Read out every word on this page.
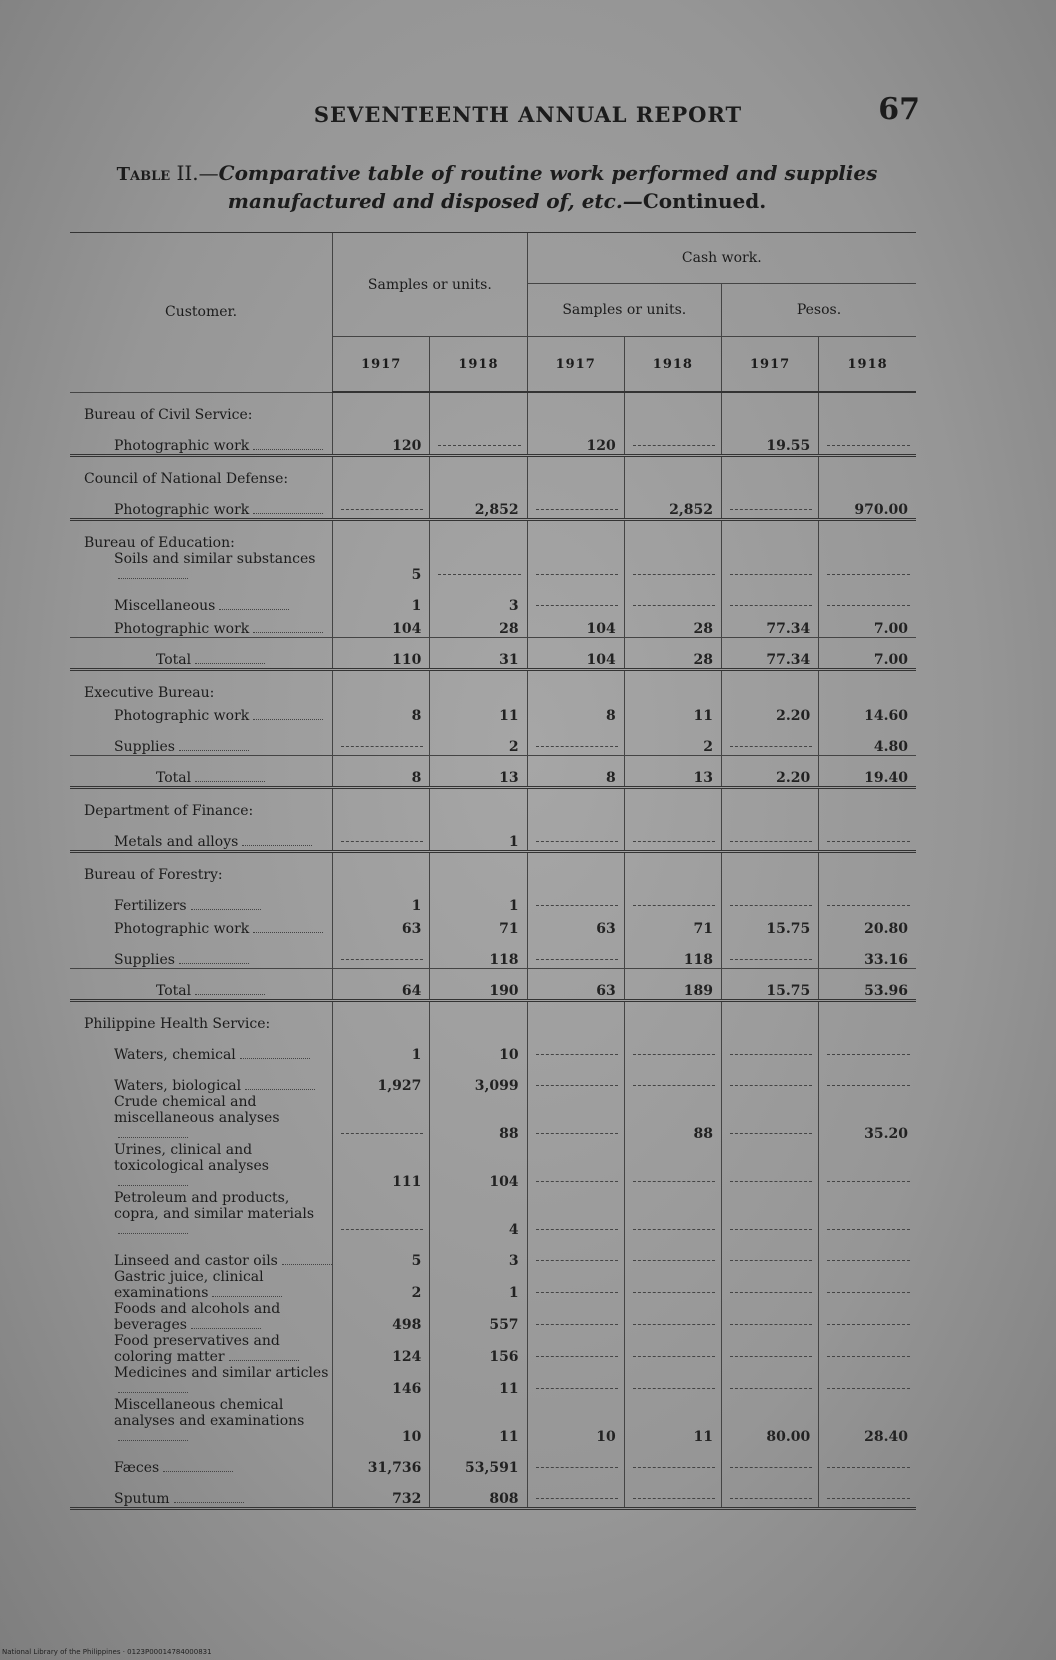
SEVENTEENTH ANNUAL REPORT	67
Table II.—Comparative table of routine work performed and supplies manufactured and disposed of, etc.—Continued.
Customer.	Samples or units.		Cash work.			
			Samples or units.		Pesos.	
	1917	1918	1917	1918	1917	1918
Bureau of Civil Service:						
Photographic work	120		120		19.55	

Council of National Defense:						
Photographic work		2,852		2,852		970.00
Bureau of Education:						
Soils and similar substances	5	

Miscellaneous	1	3	

Photographic work	104	28	104	28	77.34	7.00
Total	110	31	104	28	77.34	7.00
Executive Bureau:						
Photographic work	8	11	8	11	2.20	14.60
Supplies		2		2		4.80
Total	8	13	8	13	2.20	19.40
Department of Finance:						
Metals and alloys		1	

Bureau of Forestry:						
Fertilizers	1	1	

Photographic work	63	71	63	71	15.75	20.80
Supplies		118		118		33.16
Total	64	190	63	189	15.75	53.96
Philippine Health Service:						
Waters, chemical	1	10	

Waters, biological	1,927	3,099	

Crude chemical and miscellaneous analyses		88		88		35.20
Urines, clinical and toxicological analyses	111	104	

Petroleum and products, copra, and similar materials		4	

Linseed and castor oils	5	3	

Gastric juice, clinical examinations	2	1	

Foods and alcohols and beverages	498	557	

Food preservatives and coloring matter	124	156	

Medicines and similar articles	146	11	

Miscellaneous chemical analyses and examinations	10	11	10	11	80.00	28.40
Fæces	31,736	53,591	

Sputum	732	808	

National Library of the Philippines · 0123P00014784000831
